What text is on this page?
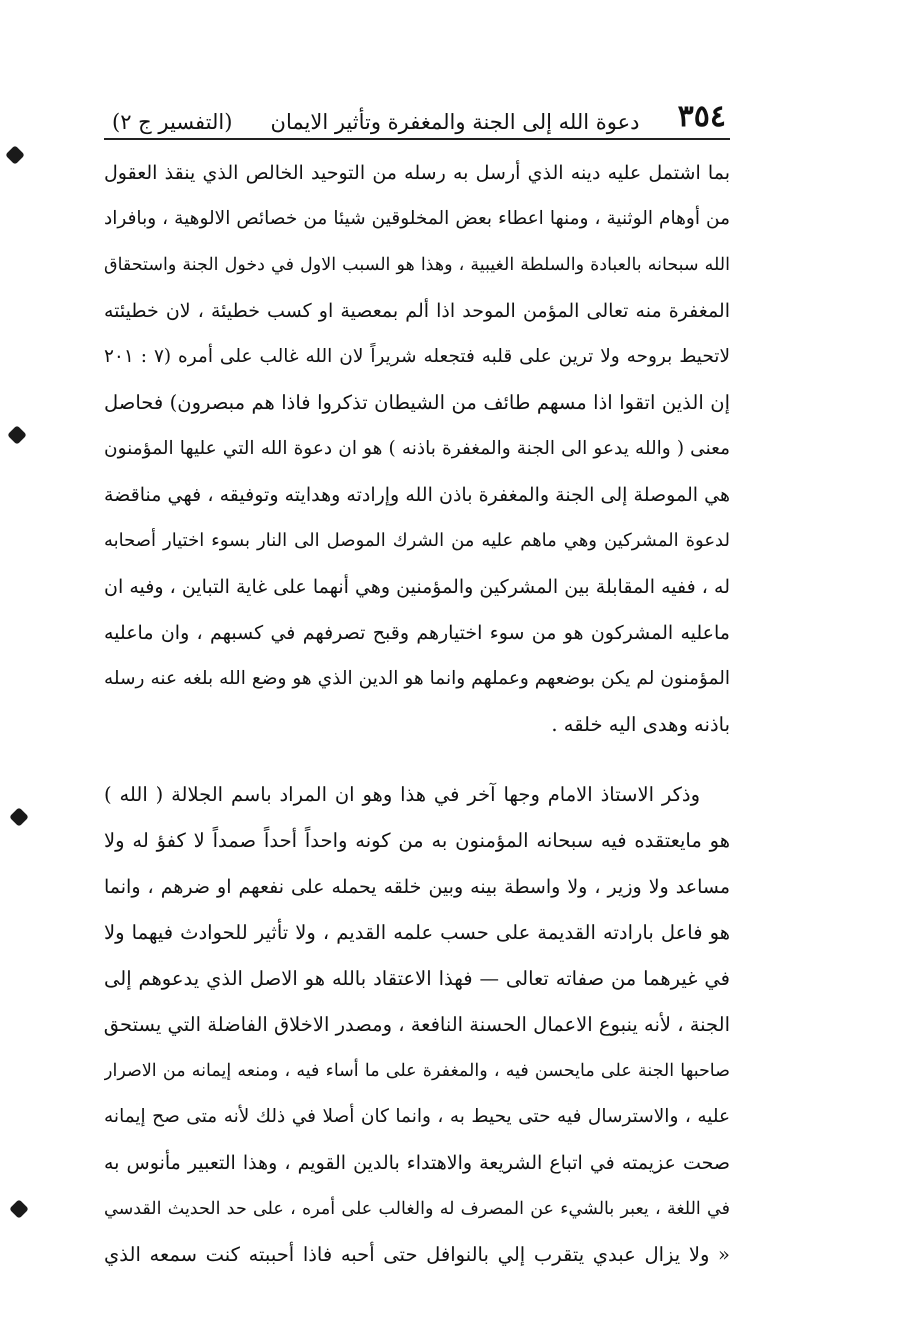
٣٥٤
دعوة الله إلى الجنة والمغفرة وتأثير الايمان
(التفسير ج ٢)
بما اشتمل عليه دينه الذي أرسل به رسله من التوحيد الخالص الذي ينقذ العقول
من أوهام الوثنية ، ومنها اعطاء بعض المخلوقين شيئا من خصائص الالوهية ، وبافراد
الله سبحانه بالعبادة والسلطة الغيبية ، وهذا هو السبب الاول في دخول الجنة واستحقاق
المغفرة منه تعالى المؤمن الموحد اذا ألم بمعصية او كسب خطيئة ، لان خطيئته
لاتحيط بروحه ولا ترين على قلبه فتجعله شريراً لان الله غالب على أمره (٧ : ٢٠١
إن الذين اتقوا اذا مسهم طائف من الشيطان تذكروا فاذا هم مبصرون) فحاصل
معنى ( والله يدعو الى الجنة والمغفرة باذنه ) هو ان دعوة الله التي عليها المؤمنون
هي الموصلة إلى الجنة والمغفرة باذن الله وإرادته وهدايته وتوفيقه ، فهي مناقضة
لدعوة المشركين وهي ماهم عليه من الشرك الموصل الى النار بسوء اختيار أصحابه
له ، ففيه المقابلة بين المشركين والمؤمنين وهي أنهما على غاية التباين ، وفيه ان
ماعليه المشركون هو من سوء اختيارهم وقبح تصرفهم في كسبهم ، وان ماعليه
المؤمنون لم يكن بوضعهم وعملهم وانما هو الدين الذي هو وضع الله بلغه عنه رسله
باذنه وهدى اليه خلقه .
وذكر الاستاذ الامام وجها آخر في هذا وهو ان المراد باسم الجلالة ( الله )
هو مايعتقده فيه سبحانه المؤمنون به من كونه واحداً أحداً صمداً لا كفؤ له ولا
مساعد ولا وزير ، ولا واسطة بينه وبين خلقه يحمله على نفعهم او ضرهم ، وانما
هو فاعل بارادته القديمة على حسب علمه القديم ، ولا تأثير للحوادث فيهما ولا
في غيرهما من صفاته تعالى — فهذا الاعتقاد بالله هو الاصل الذي يدعوهم إلى
الجنة ، لأنه ينبوع الاعمال الحسنة النافعة ، ومصدر الاخلاق الفاضلة التي يستحق
صاحبها الجنة على مايحسن فيه ، والمغفرة على ما أساء فيه ، ومنعه إيمانه من الاصرار
عليه ، والاسترسال فيه حتى يحيط به ، وانما كان أصلا في ذلك لأنه متى صح إيمانه
صحت عزيمته في اتباع الشريعة والاهتداء بالدين القويم ، وهذا التعبير مأنوس به
في اللغة ، يعبر بالشيء عن المصرف له والغالب على أمره ، على حد الحديث القدسي
« ولا يزال عبدي يتقرب إلي بالنوافل حتى أحبه فاذا أحببته كنت سمعه الذي
